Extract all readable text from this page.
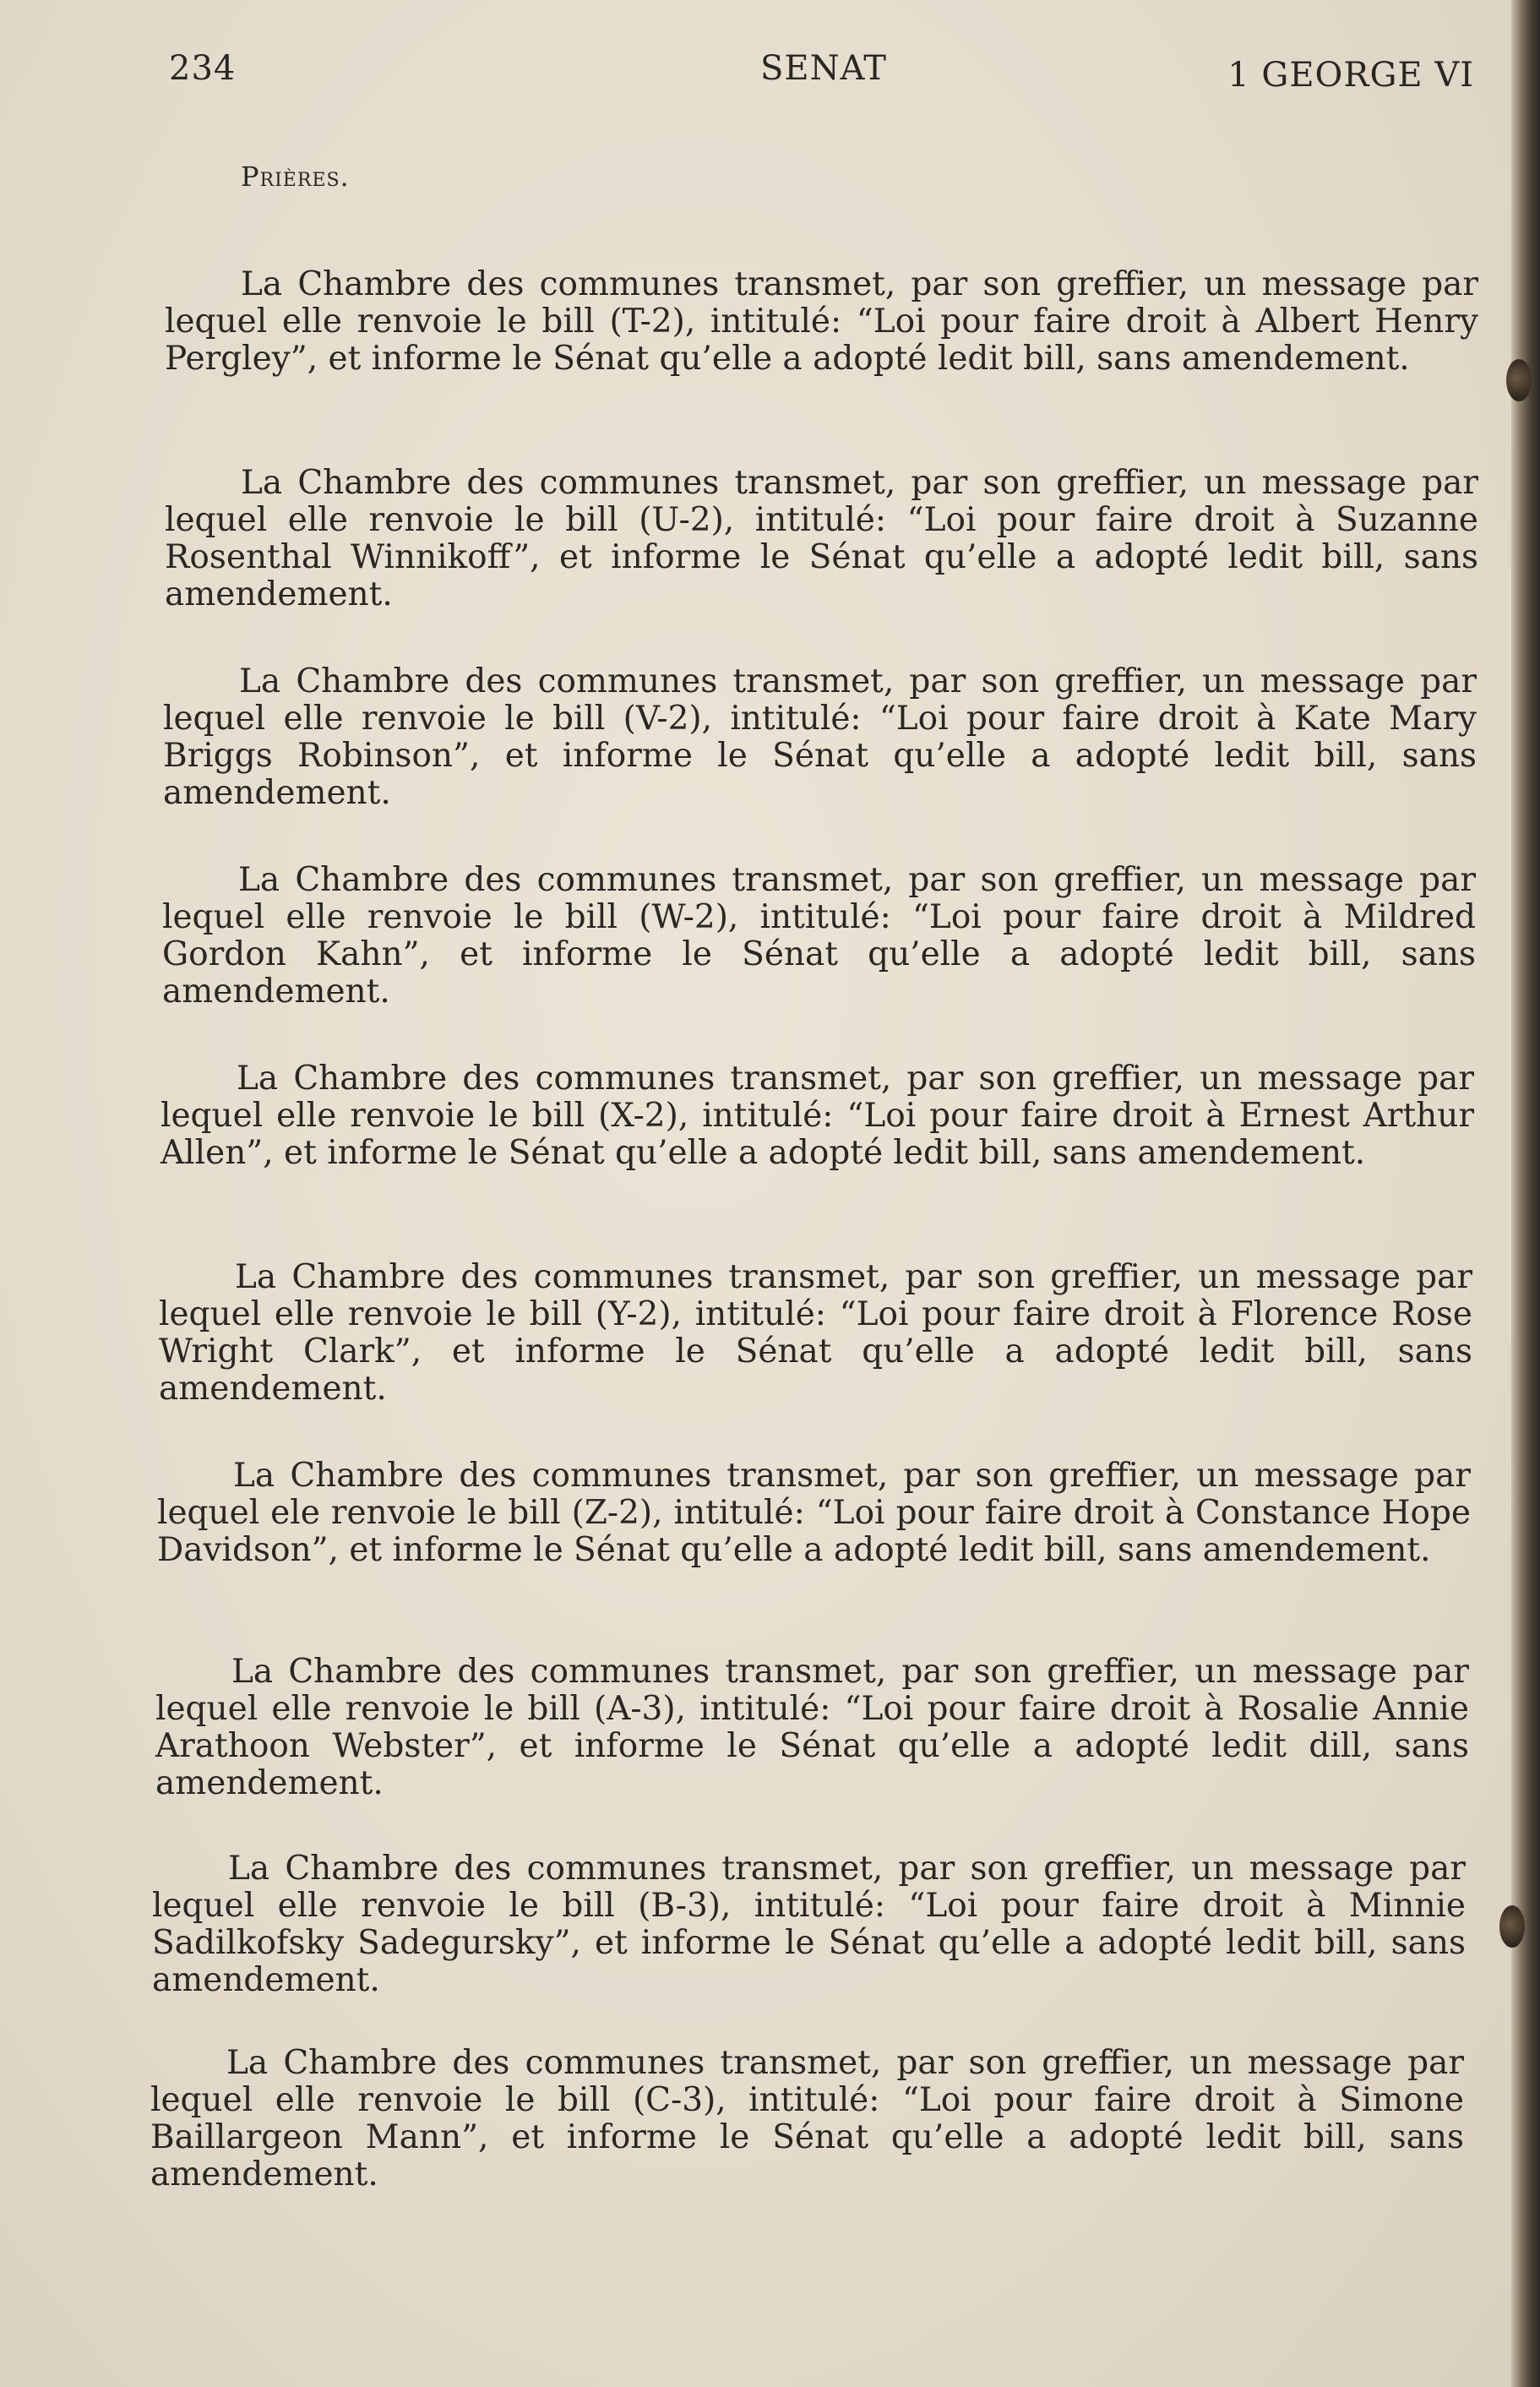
234	SENAT	1 GEORGE VI
Prières.

La Chambre des communes transmet, par son greffier, un message par lequel elle renvoie le bill (T-2), intitulé: “Loi pour faire droit à Albert Henry Pergley”, et informe le Sénat qu’elle a adopté ledit bill, sans amendement.

La Chambre des communes transmet, par son greffier, un message par lequel elle renvoie le bill (U-2), intitulé: “Loi pour faire droit à Suzanne Rosenthal Winnikoff”, et informe le Sénat qu’elle a adopté ledit bill, sans amendement.

La Chambre des communes transmet, par son greffier, un message par lequel elle renvoie le bill (V-2), intitulé: “Loi pour faire droit à Kate Mary Briggs Robinson”, et informe le Sénat qu’elle a adopté ledit bill, sans amendement.

La Chambre des communes transmet, par son greffier, un message par lequel elle renvoie le bill (W-2), intitulé: “Loi pour faire droit à Mildred Gordon Kahn”, et informe le Sénat qu’elle a adopté ledit bill, sans amendement.

La Chambre des communes transmet, par son greffier, un message par lequel elle renvoie le bill (X-2), intitulé: “Loi pour faire droit à Ernest Arthur Allen”, et informe le Sénat qu’elle a adopté ledit bill, sans amendement.

La Chambre des communes transmet, par son greffier, un message par lequel elle renvoie le bill (Y-2), intitulé: “Loi pour faire droit à Florence Rose Wright Clark”, et informe le Sénat qu’elle a adopté ledit bill, sans amendement.

La Chambre des communes transmet, par son greffier, un message par lequel ele renvoie le bill (Z-2), intitulé: “Loi pour faire droit à Constance Hope Davidson”, et informe le Sénat qu’elle a adopté ledit bill, sans amendement.

La Chambre des communes transmet, par son greffier, un message par lequel elle renvoie le bill (A-3), intitulé: “Loi pour faire droit à Rosalie Annie Arathoon Webster”, et informe le Sénat qu’elle a adopté ledit dill, sans amendement.

La Chambre des communes transmet, par son greffier, un message par lequel elle renvoie le bill (B-3), intitulé: “Loi pour faire droit à Minnie Sadilkofsky Sadegursky”, et informe le Sénat qu’elle a adopté ledit bill, sans amendement.

La Chambre des communes transmet, par son greffier, un message par lequel elle renvoie le bill (C-3), intitulé: “Loi pour faire droit à Simone Baillargeon Mann”, et informe le Sénat qu’elle a adopté ledit bill, sans amendement.
